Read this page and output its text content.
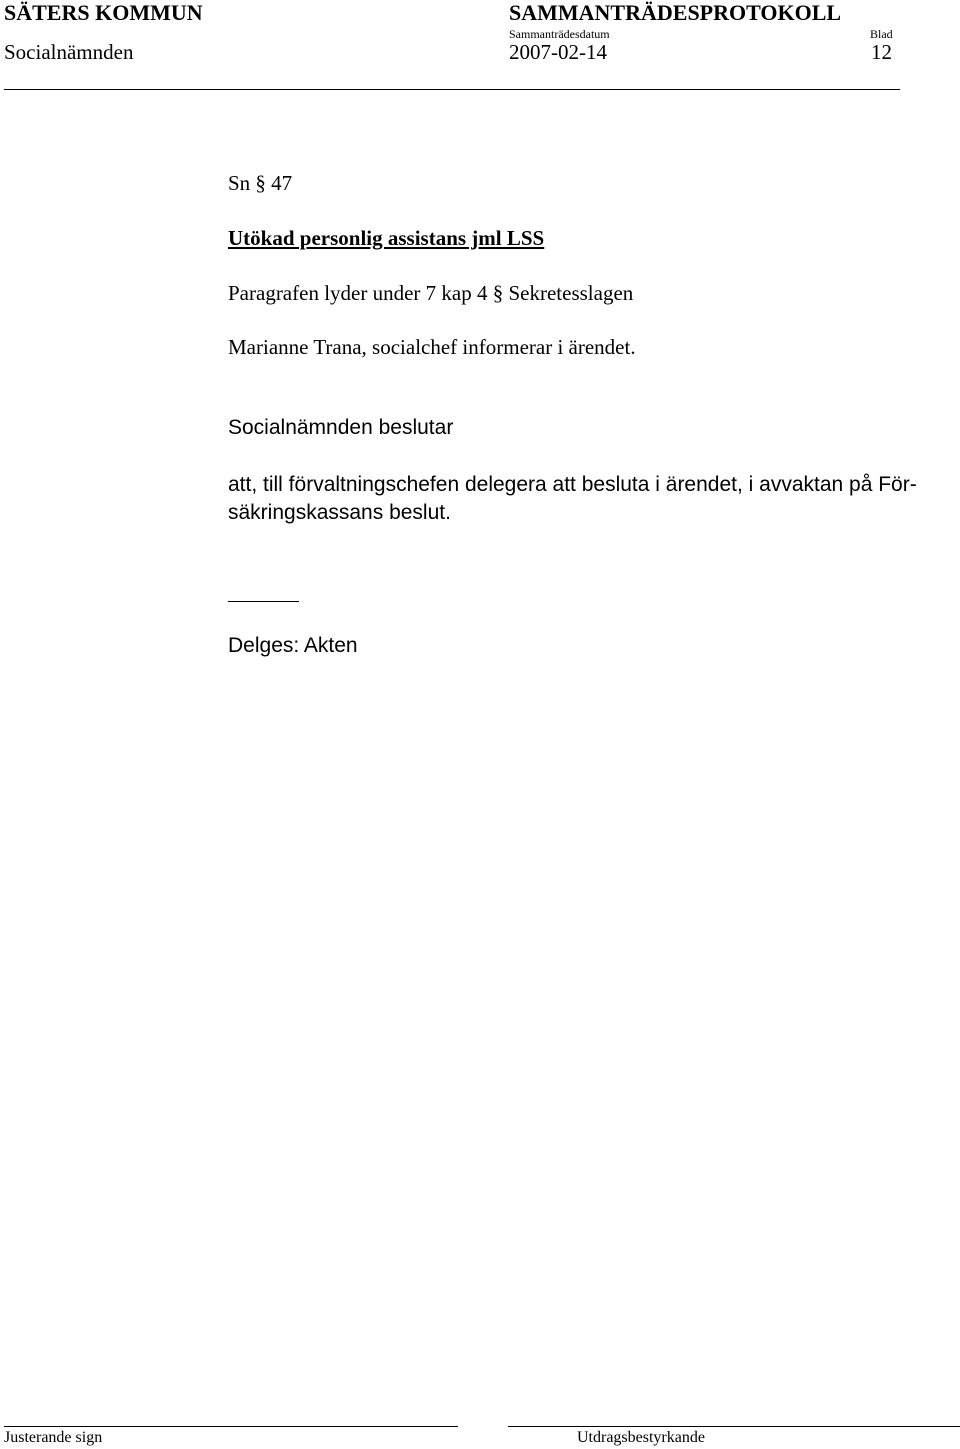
SÄTERS KOMMUN	SAMMANTRÄDESPROTOKOLL
Socialnämnden
Sammanträdesdatum
2007-02-14
Blad
12
Sn § 47
Utökad personlig assistans jml LSS
Paragrafen lyder under 7 kap 4 § Sekretesslagen
Marianne Trana, socialchef informerar i ärendet.
Socialnämnden beslutar
att, till förvaltningschefen delegera att besluta i ärendet, i avvaktan på För-
säkringskassans beslut.
Delges: Akten
Justerande sign	Utdragsbestyrkande
